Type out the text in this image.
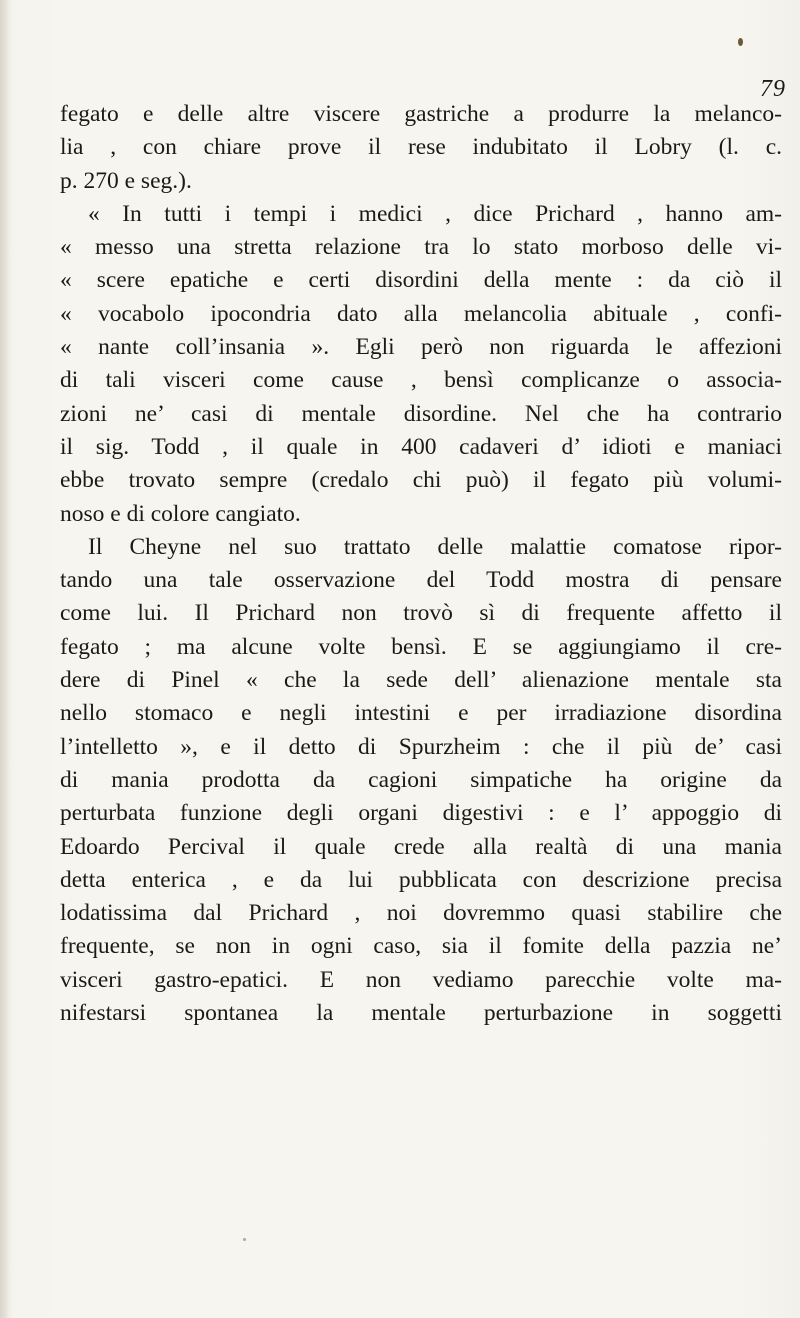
79
fegato e delle altre viscere gastriche a produrre la melanco-
lia , con chiare prove il rese indubitato il Lobry (l. c.
p. 270 e seg.).
« In tutti i tempi i medici , dice Prichard , hanno am-
« messo una stretta relazione tra lo stato morboso delle vi-
« scere epatiche e certi disordini della mente : da ciò il
« vocabolo ipocondria dato alla melancolia abituale , confi-
« nante coll’insania ». Egli però non riguarda le affezioni
di tali visceri come cause , bensì complicanze o associa-
zioni ne’ casi di mentale disordine. Nel che ha contrario
il sig. Todd , il quale in 400 cadaveri d’ idioti e maniaci
ebbe trovato sempre (credalo chi può) il fegato più volumi-
noso e di colore cangiato.
Il Cheyne nel suo trattato delle malattie comatose ripor-
tando una tale osservazione del Todd mostra di pensare
come lui. Il Prichard non trovò sì di frequente affetto il
fegato ; ma alcune volte bensì. E se aggiungiamo il cre-
dere di Pinel « che la sede dell’ alienazione mentale sta
nello stomaco e negli intestini e per irradiazione disordina
l’intelletto », e il detto di Spurzheim : che il più de’ casi
di mania prodotta da cagioni simpatiche ha origine da
perturbata funzione degli organi digestivi : e l’ appoggio di
Edoardo Percival il quale crede alla realtà di una mania
detta enterica , e da lui pubblicata con descrizione precisa
lodatissima dal Prichard , noi dovremmo quasi stabilire che
frequente, se non in ogni caso, sia il fomite della pazzia ne’
visceri gastro-epatici. E non vediamo parecchie volte ma-
nifestarsi spontanea la mentale perturbazione in soggetti
